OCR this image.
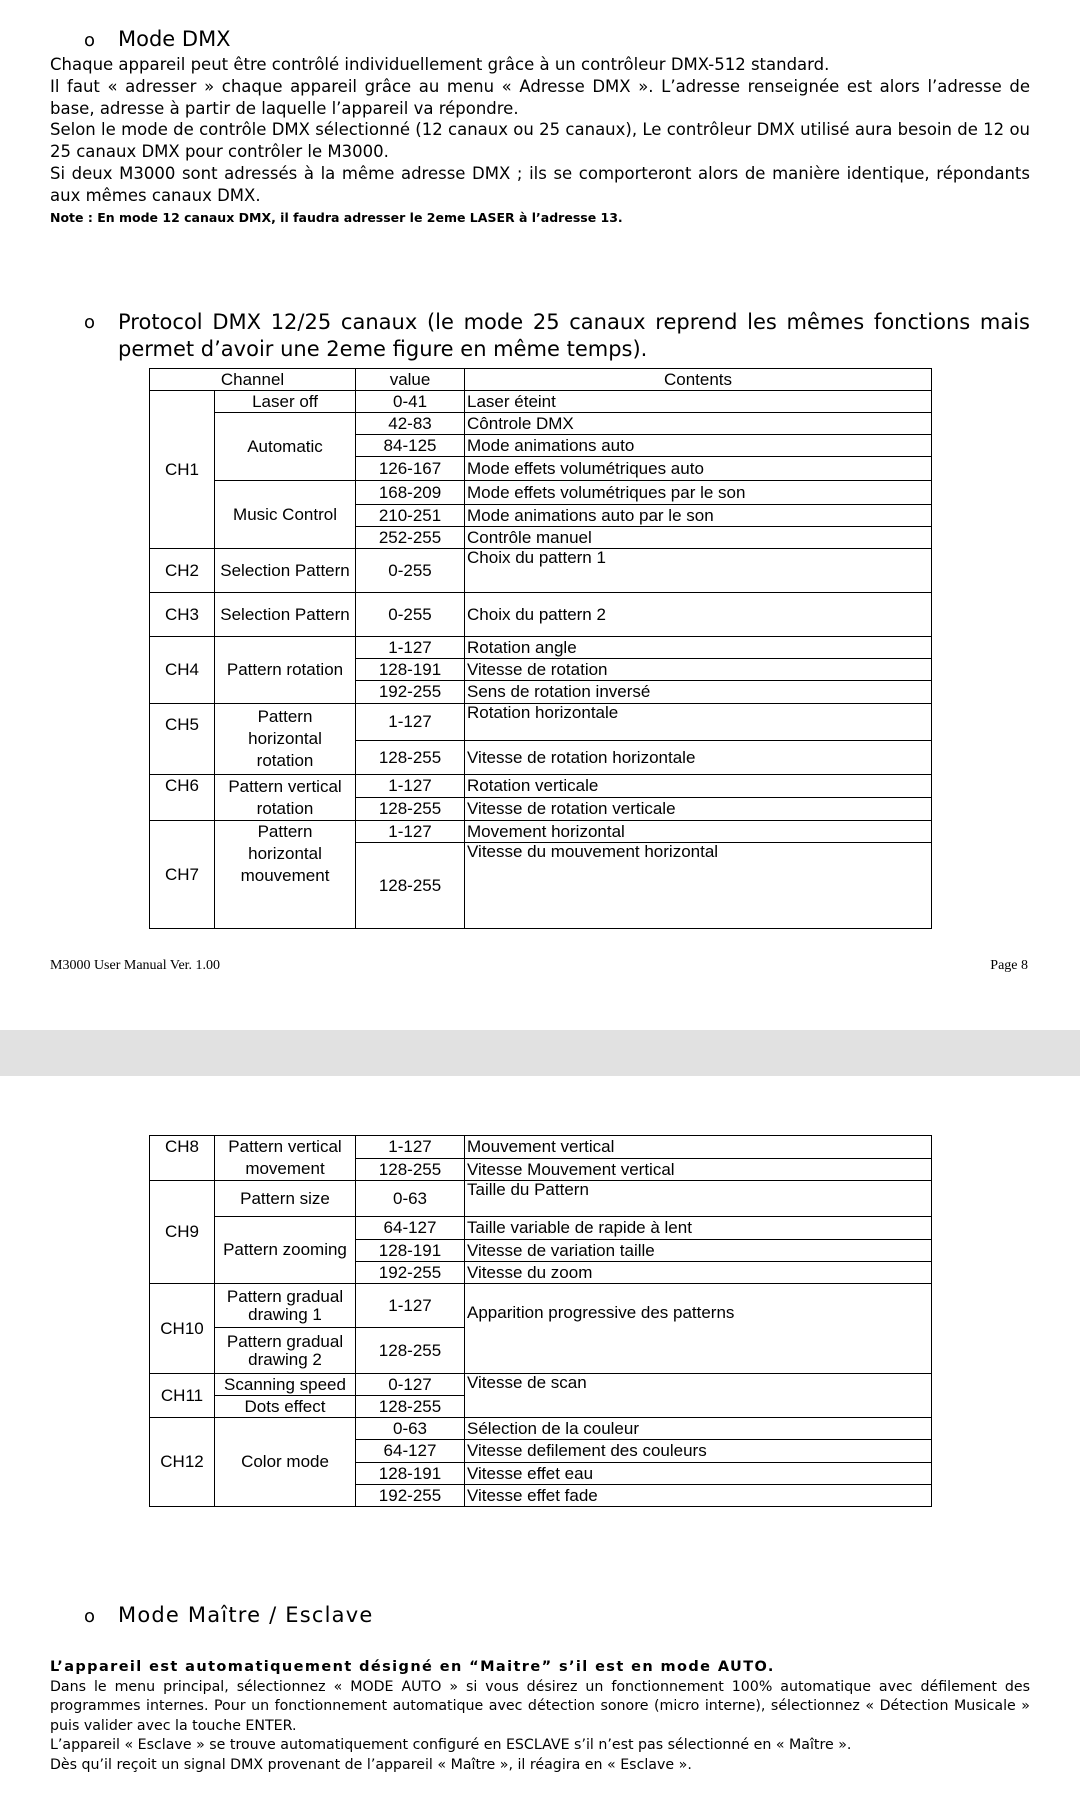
o Mode DMX

Chaque appareil peut être contrôlé individuellement grâce à un contrôleur DMX-512 standard.

Il faut « adresser » chaque appareil grâce au menu « Adresse DMX ». L’adresse renseignée est alors l’adresse de base, adresse à partir de laquelle l’appareil va répondre.

Selon le mode de contrôle DMX sélectionné (12 canaux ou 25 canaux), Le contrôleur DMX utilisé aura besoin de 12 ou 25 canaux DMX pour contrôler le M3000.

Si deux M3000 sont adressés à la même adresse DMX ; ils se comporteront alors de manière identique, répondants aux mêmes canaux DMX.

Note : En mode 12 canaux DMX, il faudra adresser le 2eme LASER à l’adresse 13.

o	Protocol DMX 12/25 canaux (le mode 25 canaux reprend les mêmes fonctions mais permet d’avoir une 2eme figure en même temps).
Channel		value	Contents
CH1	Laser off	0-41	Laser éteint
	Automatic	42-83	Côntrole DMX
		84-125	Mode animations auto
		126-167	Mode effets volumétriques auto
	Music Control	168-209	Mode effets volumétriques par le son
		210-251	Mode animations auto par le son
		252-255	Contrôle manuel
CH2	Selection Pattern	0-255	Choix du pattern 1
CH3	Selection Pattern	0-255	Choix du pattern 2
CH4	Pattern rotation	1-127	Rotation angle
		128-191	Vitesse de rotation
		192-255	Sens de rotation inversé
CH5	Pattern horizontal rotation	1-127	Rotation horizontale
		128-255	Vitesse de rotation horizontale
CH6	Pattern vertical rotation	1-127	Rotation verticale
		128-255	Vitesse de rotation verticale
CH7	Pattern horizontal mouvement	1-127	Movement horizontal
		128-255	Vitesse du mouvement horizontal
M3000 User Manual Ver. 1.00	Page 8
CH8	Pattern vertical movement	1-127	Mouvement vertical
		128-255	Vitesse Mouvement vertical
CH9	Pattern size	0-63	Taille du Pattern
	Pattern zooming	64-127	Taille variable de rapide à lent
		128-191	Vitesse de variation taille
		192-255	Vitesse du zoom
CH10	Pattern gradual drawing 1	1-127	Apparition progressive des patterns
	Pattern gradual drawing 2	128-255	
CH11	Scanning speed	0-127	Vitesse de scan
	Dots effect	128-255	
CH12	Color mode	0-63	Sélection de la couleur
		64-127	Vitesse defilement des couleurs
		128-191	Vitesse effet eau
		192-255	Vitesse effet fade
o Mode Maître / Esclave

L’appareil est automatiquement désigné en “Maitre” s’il est en mode AUTO.

Dans le menu principal, sélectionnez « MODE AUTO » si vous désirez un fonctionnement 100% automatique avec défilement des programmes internes. Pour un fonctionnement automatique avec détection sonore (micro interne), sélectionnez « Détection Musicale » puis valider avec la touche ENTER.

L’appareil « Esclave » se trouve automatiquement configuré en ESCLAVE s’il n’est pas sélectionné en « Maître ».

Dès qu’il reçoit un signal DMX provenant de l’appareil « Maître », il réagira en « Esclave ».
